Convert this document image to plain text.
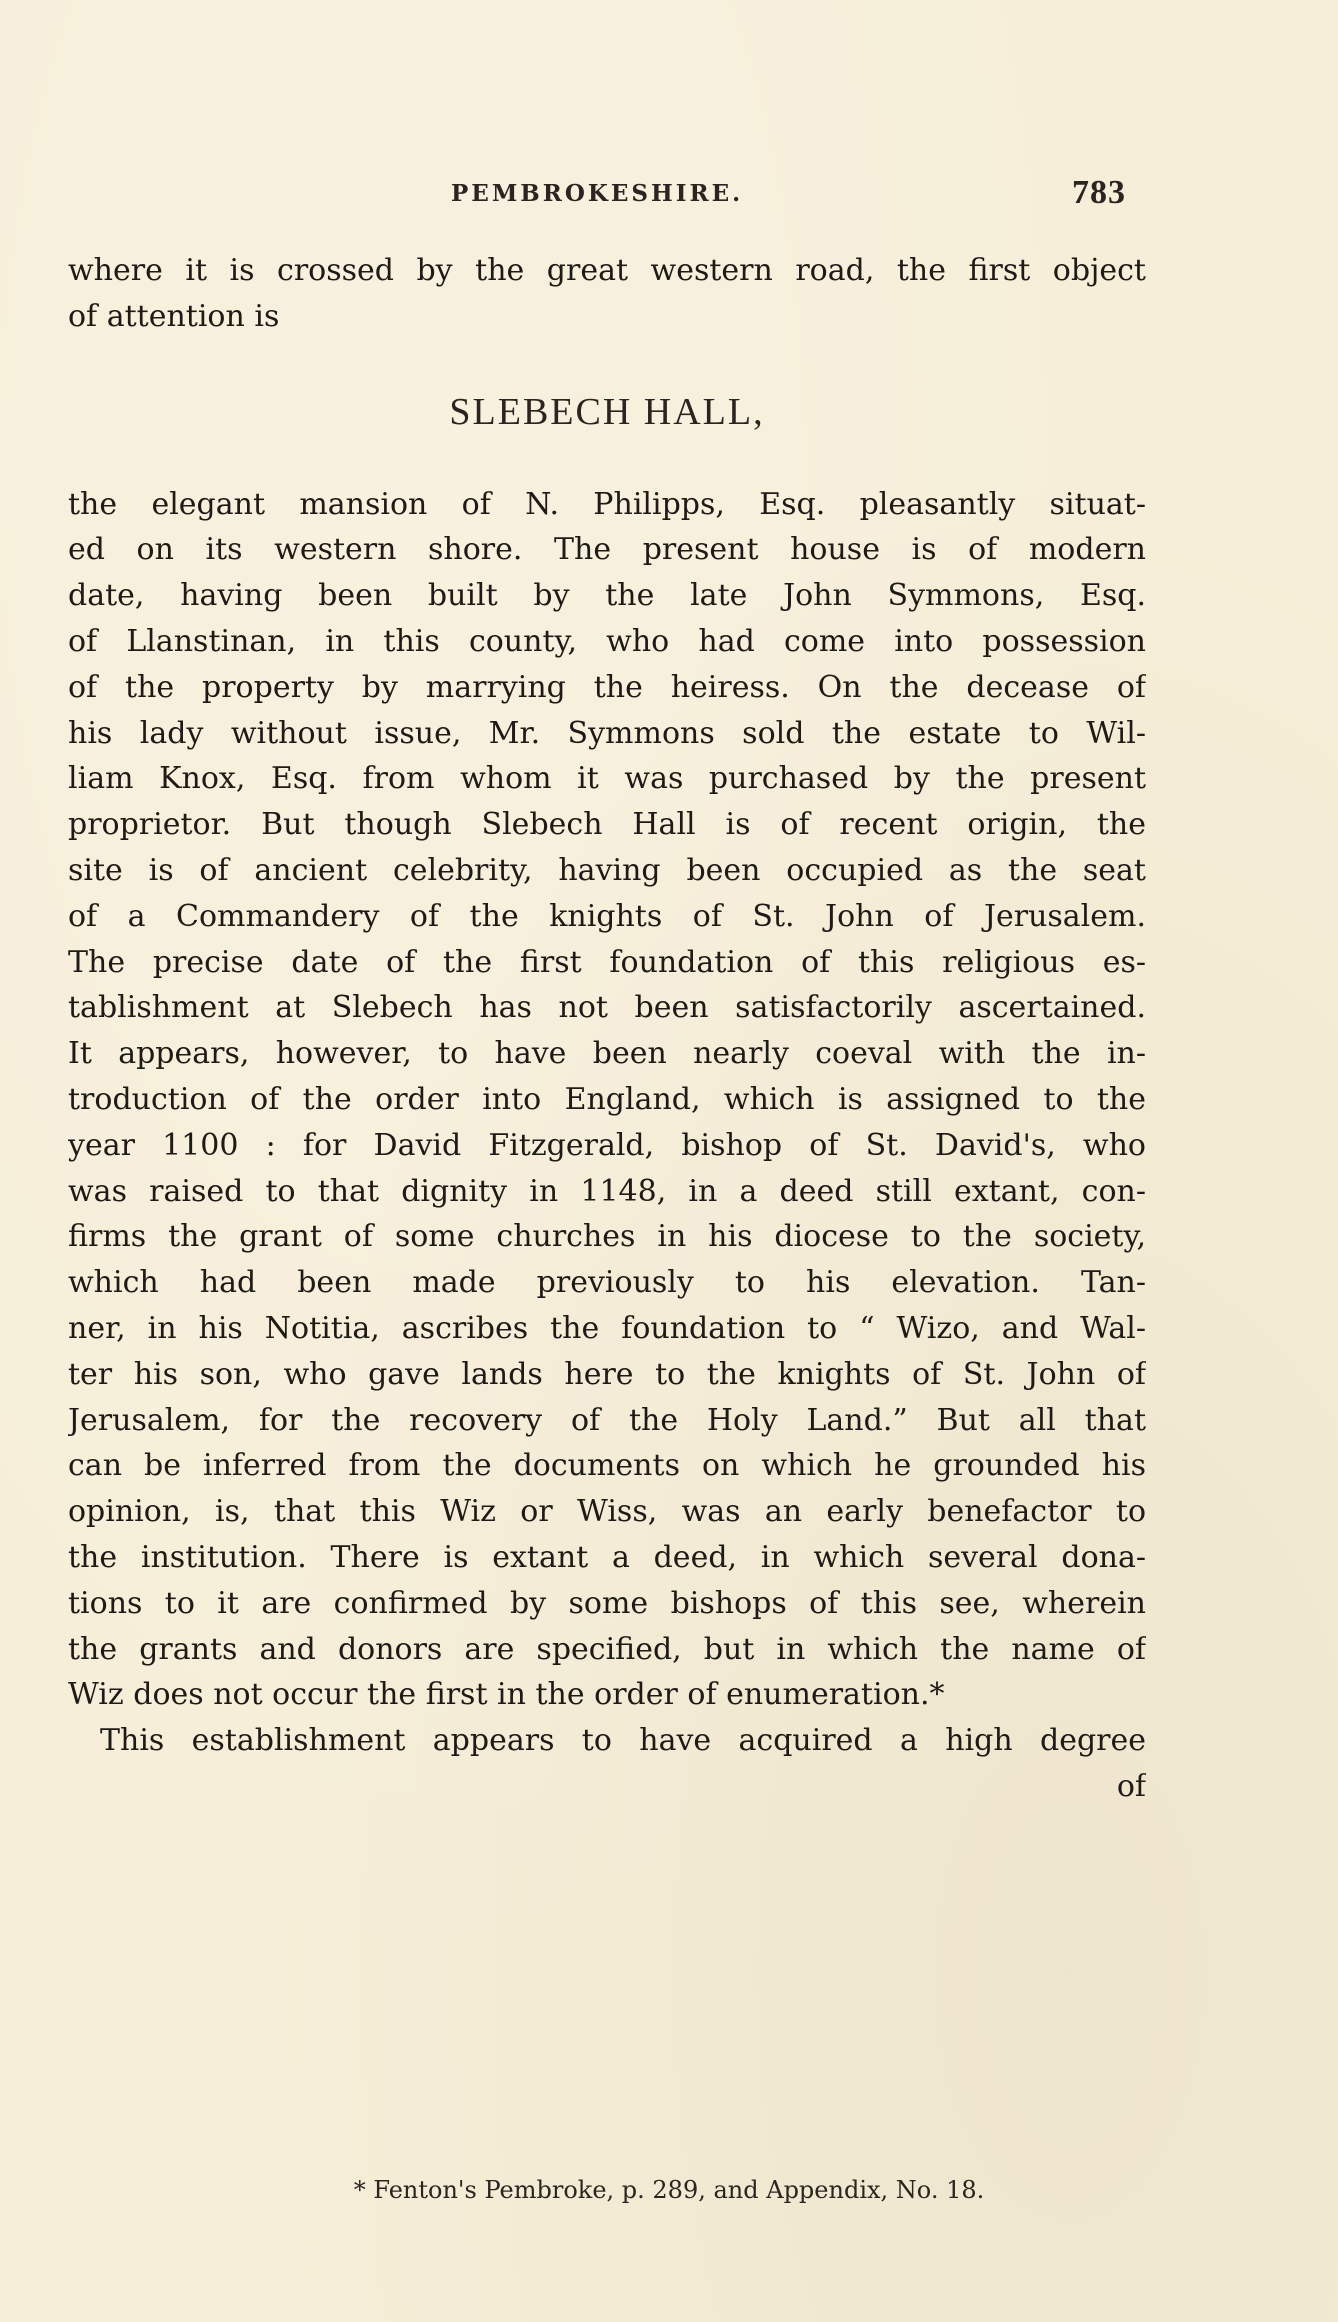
PEMBROKESHIRE.	783
where it is crossed by the great western road, the first object
of attention is
SLEBECH HALL,
the elegant mansion of N. Philipps, Esq. pleasantly situat-
ed on its western shore. The present house is of modern
date, having been built by the late John Symmons, Esq.
of Llanstinan, in this county, who had come into possession
of the property by marrying the heiress. On the decease of
his lady without issue, Mr. Symmons sold the estate to Wil-
liam Knox, Esq. from whom it was purchased by the present
proprietor. But though Slebech Hall is of recent origin, the
site is of ancient celebrity, having been occupied as the seat
of a Commandery of the knights of St. John of Jerusalem.
The precise date of the first foundation of this religious es-
tablishment at Slebech has not been satisfactorily ascertained.
It appears, however, to have been nearly coeval with the in-
troduction of the order into England, which is assigned to the
year 1100 : for David Fitzgerald, bishop of St. David's, who
was raised to that dignity in 1148, in a deed still extant, con-
firms the grant of some churches in his diocese to the society,
which had been made previously to his elevation. Tan-
ner, in his Notitia, ascribes the foundation to “ Wizo, and Wal-
ter his son, who gave lands here to the knights of St. John of
Jerusalem, for the recovery of the Holy Land.” But all that
can be inferred from the documents on which he grounded his
opinion, is, that this Wiz or Wiss, was an early benefactor to
the institution. There is extant a deed, in which several dona-
tions to it are confirmed by some bishops of this see, wherein
the grants and donors are specified, but in which the name of
Wiz does not occur the first in the order of enumeration.*
This establishment appears to have acquired a high degree
of
* Fenton's Pembroke, p. 289, and Appendix, No. 18.
